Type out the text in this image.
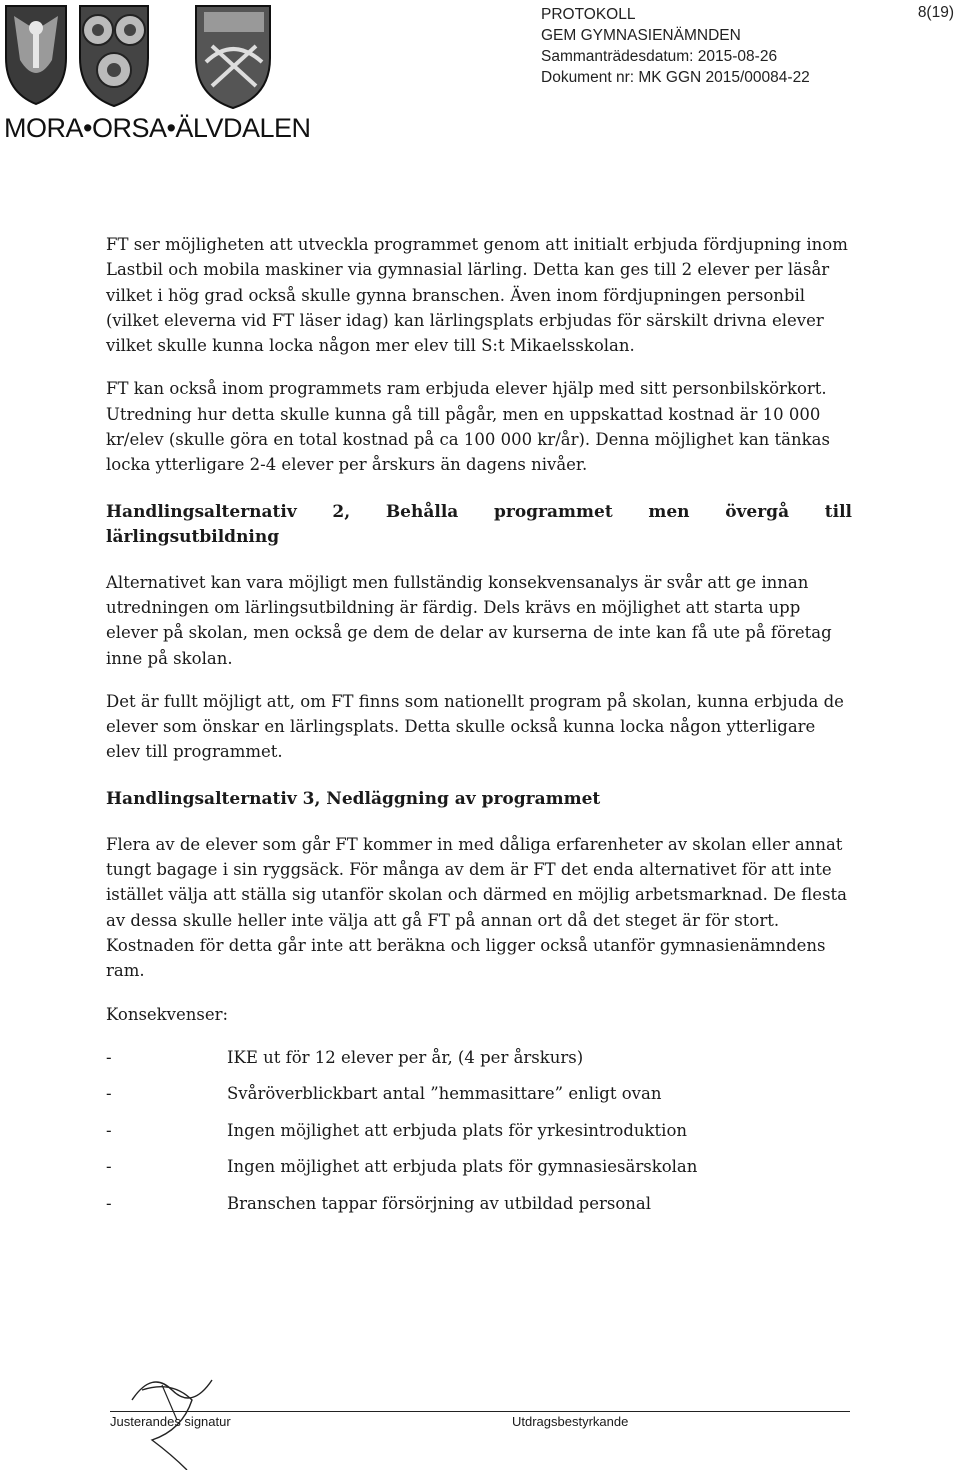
MORA•ORSA•ÄLVDALEN
PROTOKOLL
GEM GYMNASIENÄMNDEN
Sammanträdesdatum: 2015-08-26
Dokument nr: MK GGN 2015/00084-22
8(19)

FT ser möjligheten att utveckla programmet genom att initialt erbjuda fördjupning inom Lastbil och mobila maskiner via gymnasial lärling. Detta kan ges till 2 elever per läsår vilket i hög grad också skulle gynna branschen. Även inom fördjupningen personbil (vilket eleverna vid FT läser idag) kan lärlingsplats erbjudas för särskilt drivna elever vilket skulle kunna locka någon mer elev till S:t Mikaelsskolan.

FT kan också inom programmets ram erbjuda elever hjälp med sitt personbilskörkort. Utredning hur detta skulle kunna gå till pågår, men en uppskattad kostnad är 10 000 kr/elev (skulle göra en total kostnad på ca 100 000 kr/år). Denna möjlighet kan tänkas locka ytterligare 2-4 elever per årskurs än dagens nivåer.

Handlingsalternativ 2, Behålla programmet men övergå till
lärlingsutbildning

Alternativet kan vara möjligt men fullständig konsekvensanalys är svår att ge innan utredningen om lärlingsutbildning är färdig. Dels krävs en möjlighet att starta upp elever på skolan, men också ge dem de delar av kurserna de inte kan få ute på företag inne på skolan.

Det är fullt möjligt att, om FT finns som nationellt program på skolan, kunna erbjuda de elever som önskar en lärlingsplats. Detta skulle också kunna locka någon ytterligare elev till programmet.

Handlingsalternativ 3, Nedläggning av programmet

Flera av de elever som går FT kommer in med dåliga erfarenheter av skolan eller annat tungt bagage i sin ryggsäck. För många av dem är FT det enda alternativet för att inte istället välja att ställa sig utanför skolan och därmed en möjlig arbetsmarknad. De flesta av dessa skulle heller inte välja att gå FT på annan ort då det steget är för stort. Kostnaden för detta går inte att beräkna och ligger också utanför gymnasienämndens ram.

Konsekvenser:

-	IKE ut för 12 elever per år, (4 per årskurs)
-	Svåröverblickbart antal ”hemmasittare” enligt ovan
-	Ingen möjlighet att erbjuda plats för yrkesintroduktion
-	Ingen möjlighet att erbjuda plats för gymnasiesärskolan
-	Branschen tappar försörjning av utbildad personal
Justerandes signatur	Utdragsbestyrkande
